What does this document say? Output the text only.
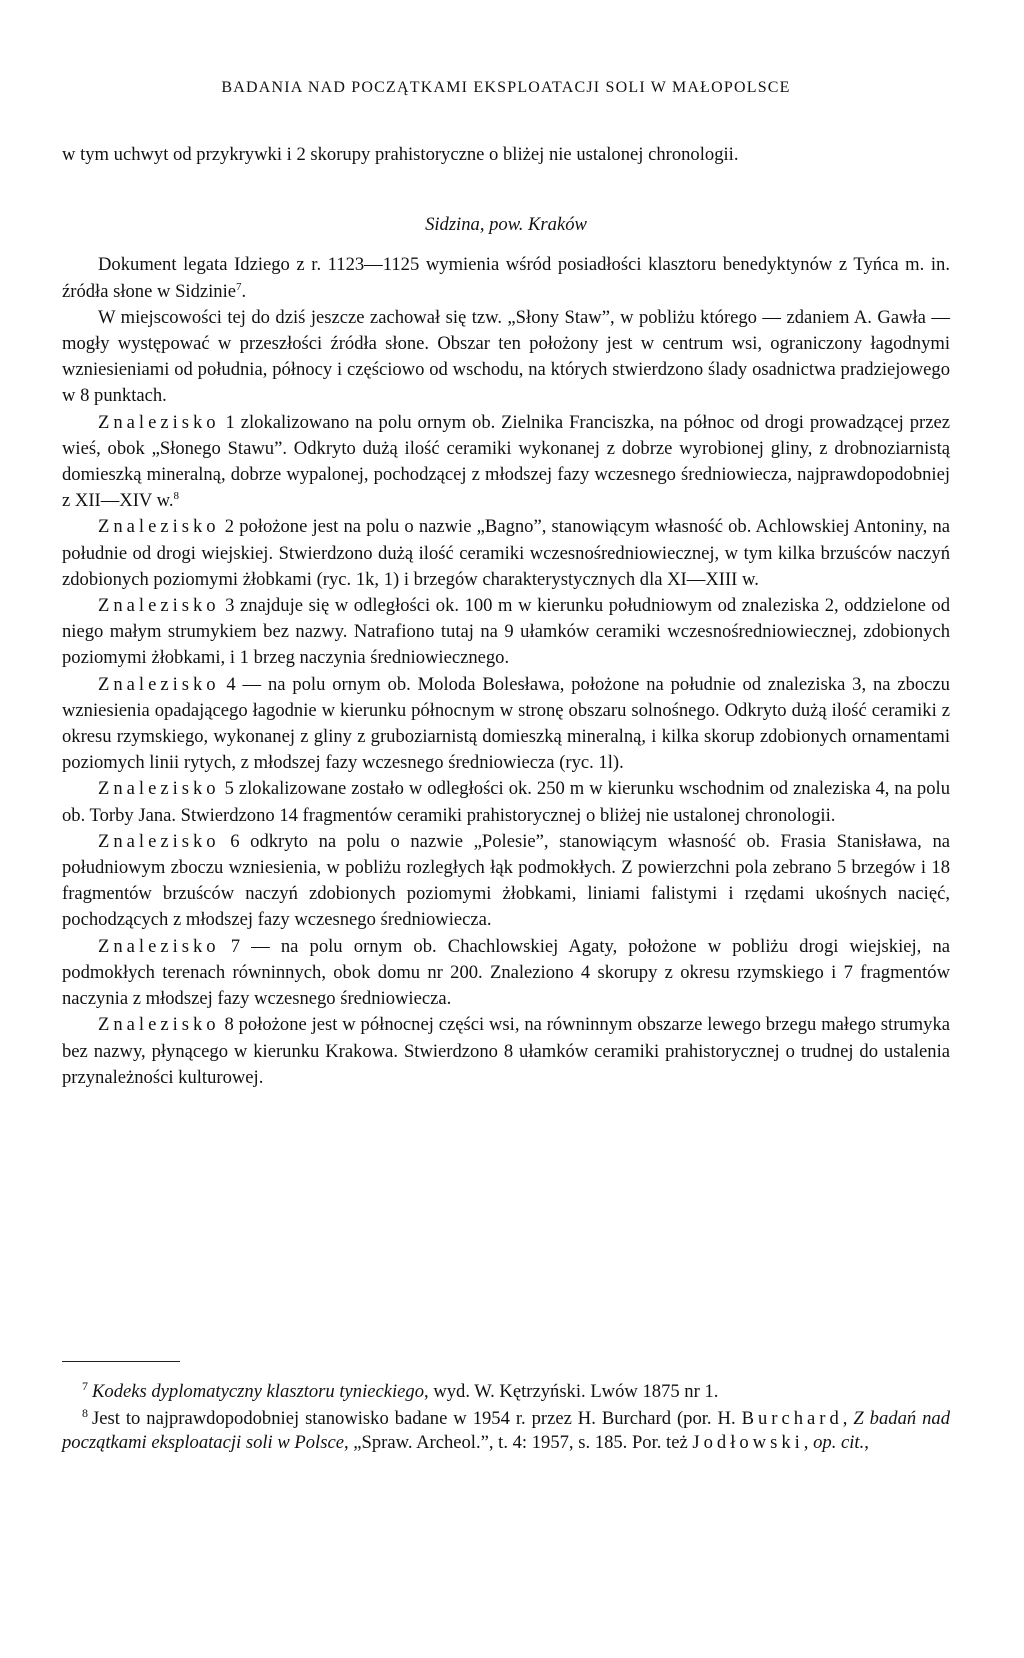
BADANIA NAD POCZĄTKAMI EKSPLOATACJI SOLI W MAŁOPOLSCE

w tym uchwyt od przykrywki i 2 skorupy prahistoryczne o bliżej nie ustalonej chronologii.

Sidzina, pow. Kraków

Dokument legata Idziego z r. 1123—1125 wymienia wśród posiadłości klasztoru benedyktynów z Tyńca m. in. źródła słone w Sidzinie$^7$.

W miejscowości tej do dziś jeszcze zachował się tzw. „Słony Staw”, w pobliżu którego — zdaniem A. Gawła — mogły występować w przeszłości źródła słone. Obszar ten położony jest w centrum wsi, ograniczony łagodnymi wzniesieniami od południa, północy i częściowo od wschodu, na których stwierdzono ślady osadnictwa pradziejowego w 8 punktach.

Znalezisko 1 zlokalizowano na polu ornym ob. Zielnika Franciszka, na północ od drogi prowadzącej przez wieś, obok „Słonego Stawu”. Odkryto dużą ilość ceramiki wykonanej z dobrze wyrobionej gliny, z drobnoziarnistą domieszką mineralną, dobrze wypalonej, pochodzącej z młodszej fazy wczesnego średniowiecza, najprawdopodobniej z XII—XIV w.$^8$

Znalezisko 2 położone jest na polu o nazwie „Bagno”, stanowiącym własność ob. Achlowskiej Antoniny, na południe od drogi wiejskiej. Stwierdzono dużą ilość ceramiki wczesnośredniowiecznej, w tym kilka brzuśców naczyń zdobionych poziomymi żłobkami (ryc. 1k, 1) i brzegów charakterystycznych dla XI—XIII w.

Znalezisko 3 znajduje się w odległości ok. 100 m w kierunku południowym od znaleziska 2, oddzielone od niego małym strumykiem bez nazwy. Natrafiono tutaj na 9 ułamków ceramiki wczesnośredniowiecznej, zdobionych poziomymi żłobkami, i 1 brzeg naczynia średniowiecznego.

Znalezisko 4 — na polu ornym ob. Moloda Bolesława, położone na południe od znaleziska 3, na zboczu wzniesienia opadającego łagodnie w kierunku północnym w stronę obszaru solnośnego. Odkryto dużą ilość ceramiki z okresu rzymskiego, wykonanej z gliny z gruboziarnistą domieszką mineralną, i kilka skorup zdobionych ornamentami poziomych linii rytych, z młodszej fazy wczesnego średniowiecza (ryc. 1l).

Znalezisko 5 zlokalizowane zostało w odległości ok. 250 m w kierunku wschodnim od znaleziska 4, na polu ob. Torby Jana. Stwierdzono 14 fragmentów ceramiki prahistorycznej o bliżej nie ustalonej chronologii.

Znalezisko 6 odkryto na polu o nazwie „Polesie”, stanowiącym własność ob. Frasia Stanisława, na południowym zboczu wzniesienia, w pobliżu rozległych łąk podmokłych. Z powierzchni pola zebrano 5 brzegów i 18 fragmentów brzuśców naczyń zdobionych poziomymi żłobkami, liniami falistymi i rzędami ukośnych nacięć, pochodzących z młodszej fazy wczesnego średniowiecza.

Znalezisko 7 — na polu ornym ob. Chachlowskiej Agaty, położone w pobliżu drogi wiejskiej, na podmokłych terenach równinnych, obok domu nr 200. Znaleziono 4 skorupy z okresu rzymskiego i 7 fragmentów naczynia z młodszej fazy wczesnego średniowiecza.

Znalezisko 8 położone jest w północnej części wsi, na równinnym obszarze lewego brzegu małego strumyka bez nazwy, płynącego w kierunku Krakowa. Stwierdzono 8 ułamków ceramiki prahistorycznej o trudnej do ustalenia przynależności kulturowej.

$^7$ Kodeks dyplomatyczny klasztoru tynieckiego, wyd. W. Kętrzyński. Lwów 1875 nr 1.

$^8$ Jest to najprawdopodobniej stanowisko badane w 1954 r. przez H. Burchard (por. H. Burchard, Z badań nad początkami eksploatacji soli w Polsce, „Spraw. Archeol.”, t. 4: 1957, s. 185. Por. też Jodłowski, op. cit.,
